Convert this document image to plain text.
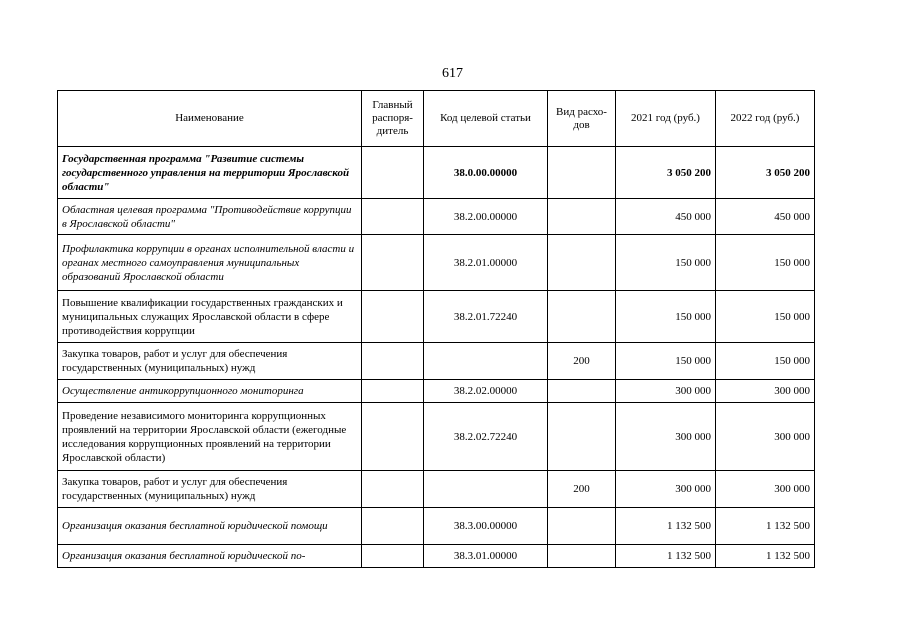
617
Наименование	Главный распоря-дитель	Код целевой статьи	Вид расхо-дов	2021 год (руб.)	2022 год (руб.)
Государственная программа "Развитие системы государственного управления на территории Ярославской области"		38.0.00.00000		3 050 200	3 050 200
Областная целевая программа "Противодействие коррупции в Ярославской области"		38.2.00.00000		450 000	450 000
Профилактика коррупции в органах исполнительной власти и органах местного самоуправления муниципальных образований Ярославской области		38.2.01.00000		150 000	150 000
Повышение квалификации государственных гражданских и муниципальных служащих Ярославской области в сфере противодействия коррупции		38.2.01.72240		150 000	150 000
Закупка товаров, работ и услуг для обеспечения государственных (муниципальных) нужд			200	150 000	150 000
Осуществление антикоррупционного мониторинга		38.2.02.00000		300 000	300 000
Проведение независимого мониторинга коррупционных проявлений на территории Ярославской области (ежегодные исследования коррупционных проявлений на территории Ярославской области)		38.2.02.72240		300 000	300 000
Закупка товаров, работ и услуг для обеспечения государственных (муниципальных) нужд			200	300 000	300 000
Организация оказания бесплатной юридической помощи		38.3.00.00000		1 132 500	1 132 500
Организация оказания бесплатной юридической по-		38.3.01.00000		1 132 500	1 132 500
